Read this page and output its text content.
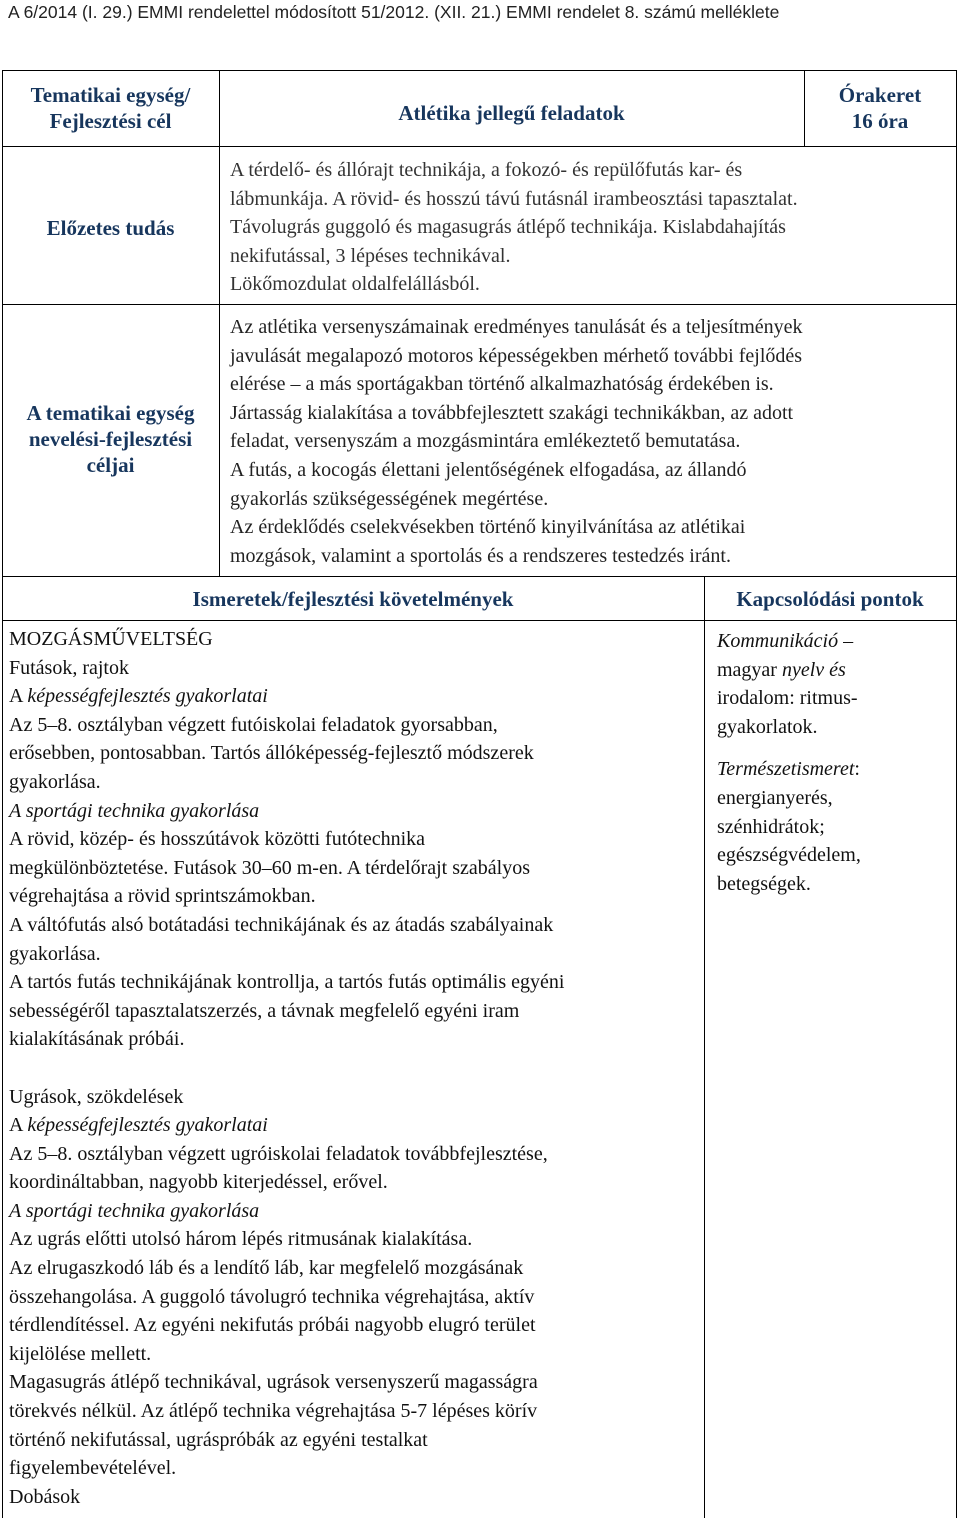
A 6/2014 (I. 29.) EMMI rendelettel módosított 51/2012. (XII. 21.) EMMI rendelet 8. számú melléklete
Tematikai egység/
Fejlesztési cél	Atlétika jellegű feladatok
Órakeret
16 óra
Előzetes tudás
A térdelő- és állórajt technikája, a fokozó- és repülőfutás kar- és
lábmunkája. A rövid- és hosszú távú futásnál irambeosztási tapasztalat.
Távolugrás guggoló és magasugrás átlépő technikája. Kislabdahajítás
nekifutással, 3 lépéses technikával.
Lökőmozdulat oldalfelállásból.
A tematikai egység
nevelési-fejlesztési
céljai
Az atlétika versenyszámainak eredményes tanulását és a teljesítmények
javulását megalapozó motoros képességekben mérhető további fejlődés
elérése – a más sportágakban történő alkalmazhatóság érdekében is.
Jártasság kialakítása a továbbfejlesztett szakági technikákban, az adott
feladat, versenyszám a mozgásmintára emlékeztető bemutatása.
A futás, a kocogás élettani jelentőségének elfogadása, az állandó
gyakorlás szükségességének megértése.
Az érdeklődés cselekvésekben történő kinyilvánítása az atlétikai
mozgások, valamint a sportolás és a rendszeres testedzés iránt.
Ismeretek/fejlesztési követelmények	Kapcsolódási pontok
MOZGÁSMŰVELTSÉG
Futások, rajtok
A képességfejlesztés gyakorlatai
Az 5–8. osztályban végzett futóiskolai feladatok gyorsabban,
erősebben, pontosabban. Tartós állóképesség-fejlesztő módszerek
gyakorlása.
A sportági technika gyakorlása
A rövid, közép- és hosszútávok közötti futótechnika
megkülönböztetése. Futások 30–60 m-en. A térdelőrajt szabályos
végrehajtása a rövid sprintszámokban.
A váltófutás alsó botátadási technikájának és az átadás szabályainak
gyakorlása.
A tartós futás technikájának kontrollja, a tartós futás optimális egyéni
sebességéről tapasztalatszerzés, a távnak megfelelő egyéni iram
kialakításának próbái.
Ugrások, szökdelések
A képességfejlesztés gyakorlatai
Az 5–8. osztályban végzett ugróiskolai feladatok továbbfejlesztése,
koordináltabban, nagyobb kiterjedéssel, erővel.
A sportági technika gyakorlása
Az ugrás előtti utolsó három lépés ritmusának kialakítása.
Az elrugaszkodó láb és a lendítő láb, kar megfelelő mozgásának
összehangolása. A guggoló távolugró technika végrehajtása, aktív
térdlendítéssel. Az egyéni nekifutás próbái nagyobb elugró terület
kijelölése mellett.
Magasugrás átlépő technikával, ugrások versenyszerű magasságra
törekvés nélkül. Az átlépő technika végrehajtása 5-7 lépéses körív
történő nekifutással, ugráspróbák az egyéni testalkat
figyelembevételével.
Dobások
Kommunikáció –
magyar nyelv és
irodalom: ritmus-
gyakorlatok.
Természetismeret:
energianyerés,
szénhidrátok;
egészségvédelem,
betegségek.
